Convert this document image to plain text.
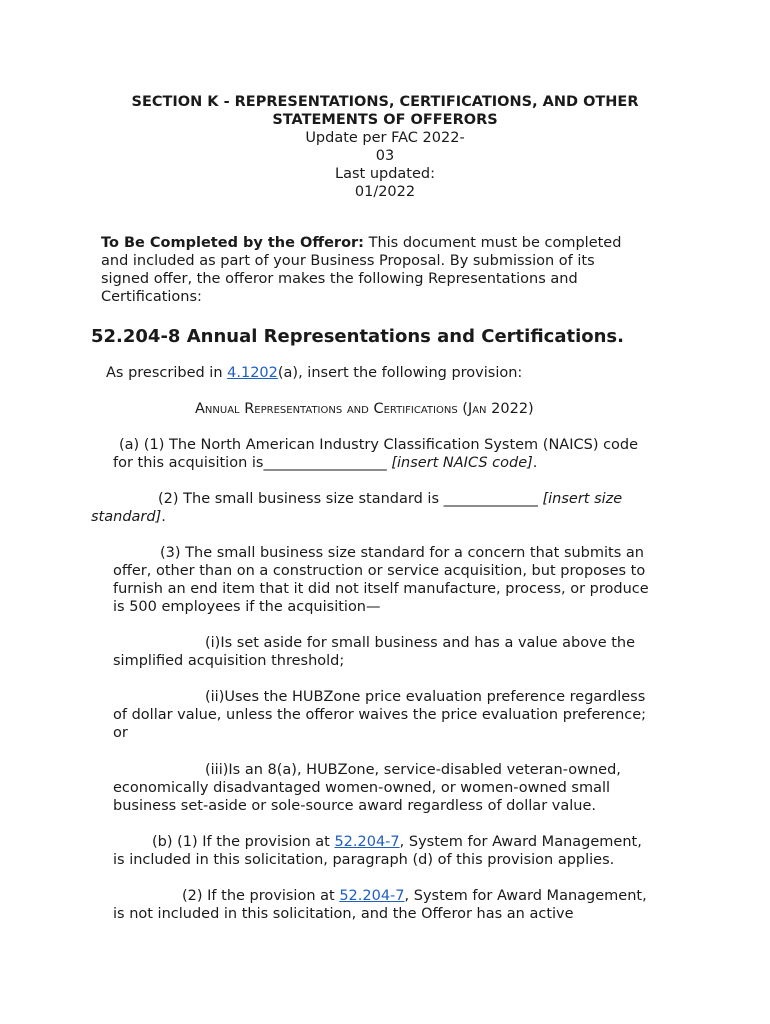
SECTION K - REPRESENTATIONS, CERTIFICATIONS, AND OTHER
STATEMENTS OF OFFERORS
Update per FAC 2022-
03
Last updated:
01/2022
To Be Completed by the Offeror: This document must be completed
and included as part of your Business Proposal. By submission of its
signed offer, the offeror makes the following Representations and
Certifications:
52.204-8 Annual Representations and Certifications.
As prescribed in 4.1202(a), insert the following provision:
Annual Representations and Certifications (Jan 2022)
(a) (1) The North American Industry Classification System (NAICS) code
for this acquisition is_________________ [insert NAICS code].
(2) The small business size standard is _____________ [insert size
standard].
(3) The small business size standard for a concern that submits an
offer, other than on a construction or service acquisition, but proposes to
furnish an end item that it did not itself manufacture, process, or produce
is 500 employees if the acquisition—
(i)Is set aside for small business and has a value above the
simplified acquisition threshold;
(ii)Uses the HUBZone price evaluation preference regardless
of dollar value, unless the offeror waives the price evaluation preference;
or
(iii)Is an 8(a), HUBZone, service-disabled veteran-owned,
economically disadvantaged women-owned, or women-owned small
business set-aside or sole-source award regardless of dollar value.
(b) (1) If the provision at 52.204-7, System for Award Management,
is included in this solicitation, paragraph (d) of this provision applies.
(2) If the provision at 52.204-7, System for Award Management,
is not included in this solicitation, and the Offeror has an active
